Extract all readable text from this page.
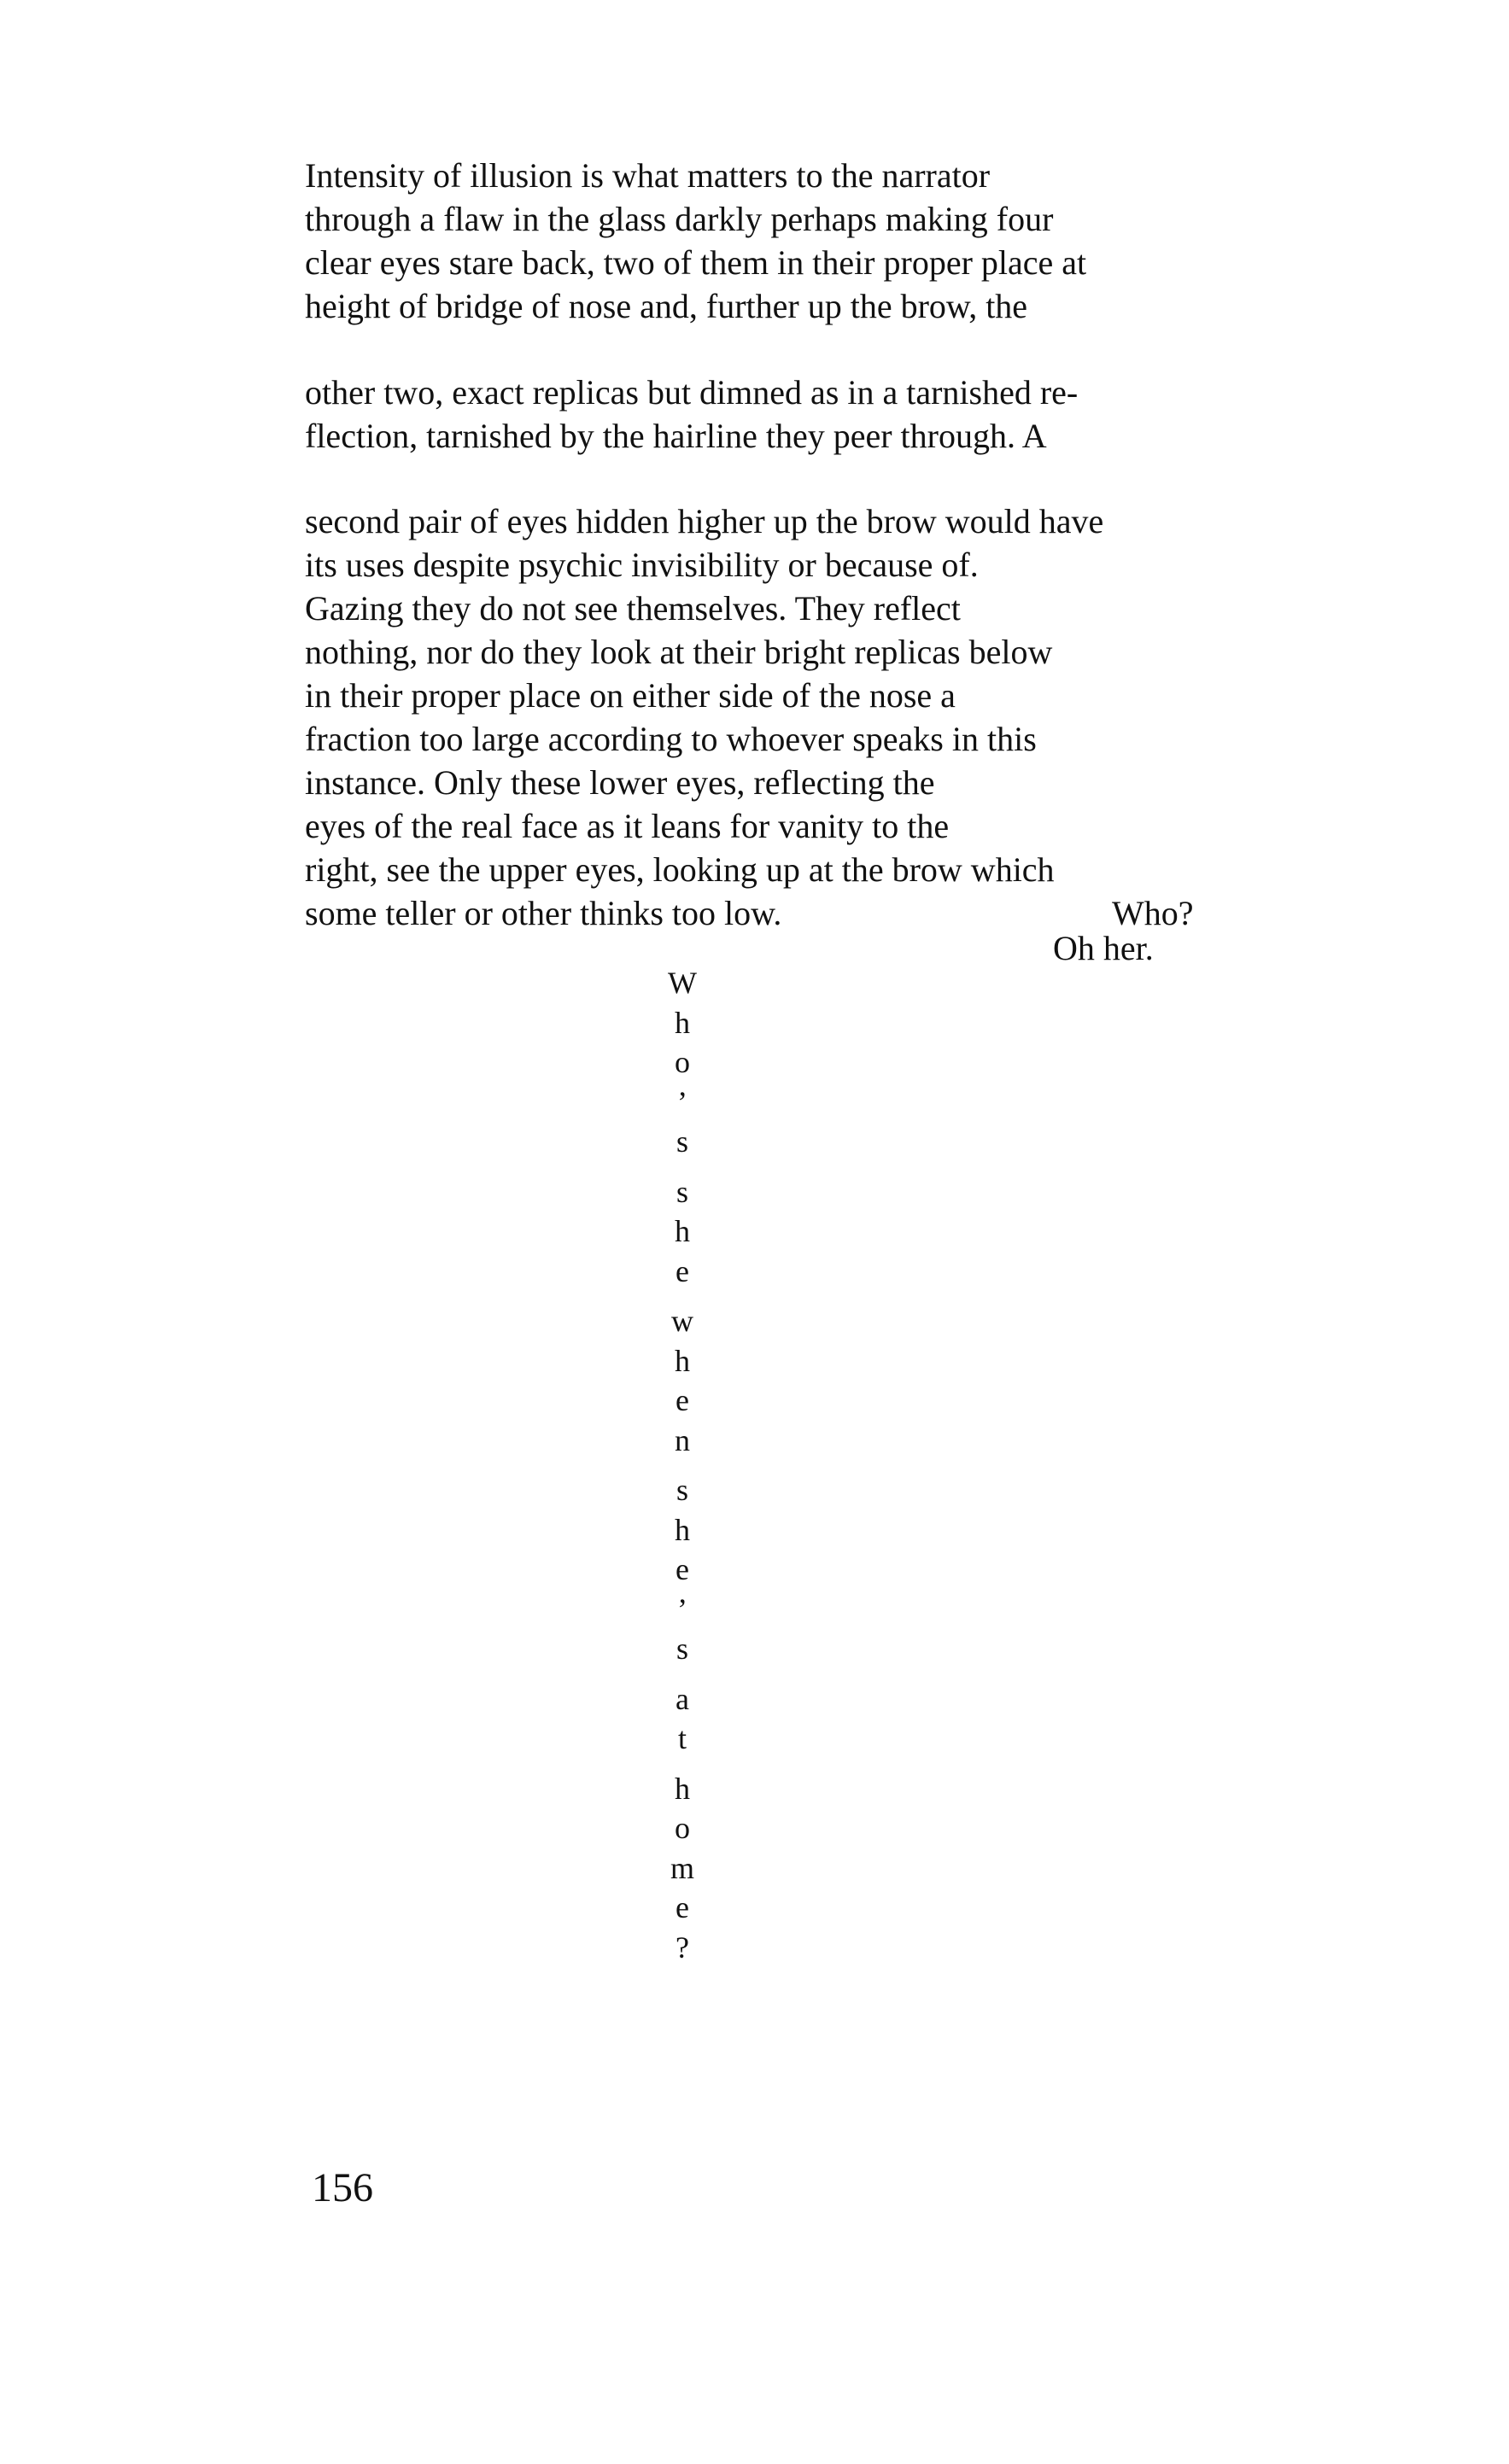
Intensity of illusion is what matters to the narrator
through a flaw in the glass darkly perhaps making four
clear eyes stare back, two of them in their proper place at
height of bridge of nose and, further up the brow, the
other two, exact replicas but dimned as in a tarnished re-
flection, tarnished by the hairline they peer through. A
second pair of eyes hidden higher up the brow would have
its uses despite psychic invisibility or because of.
Gazing they do not see themselves. They reflect
nothing, nor do they look at their bright replicas below
in their proper place on either side of the nose a
fraction too large according to whoever speaks in this
instance. Only these lower eyes, reflecting the
eyes of the real face as it leans for vanity to the
right, see the upper eyes, looking up at the brow which
some teller or other thinks too low.	Who?
Oh her.
W
h
o
’
s
s
h
e
w
h
e
n
s
h
e
’
s
a
t
h
o
m
e
?
156
